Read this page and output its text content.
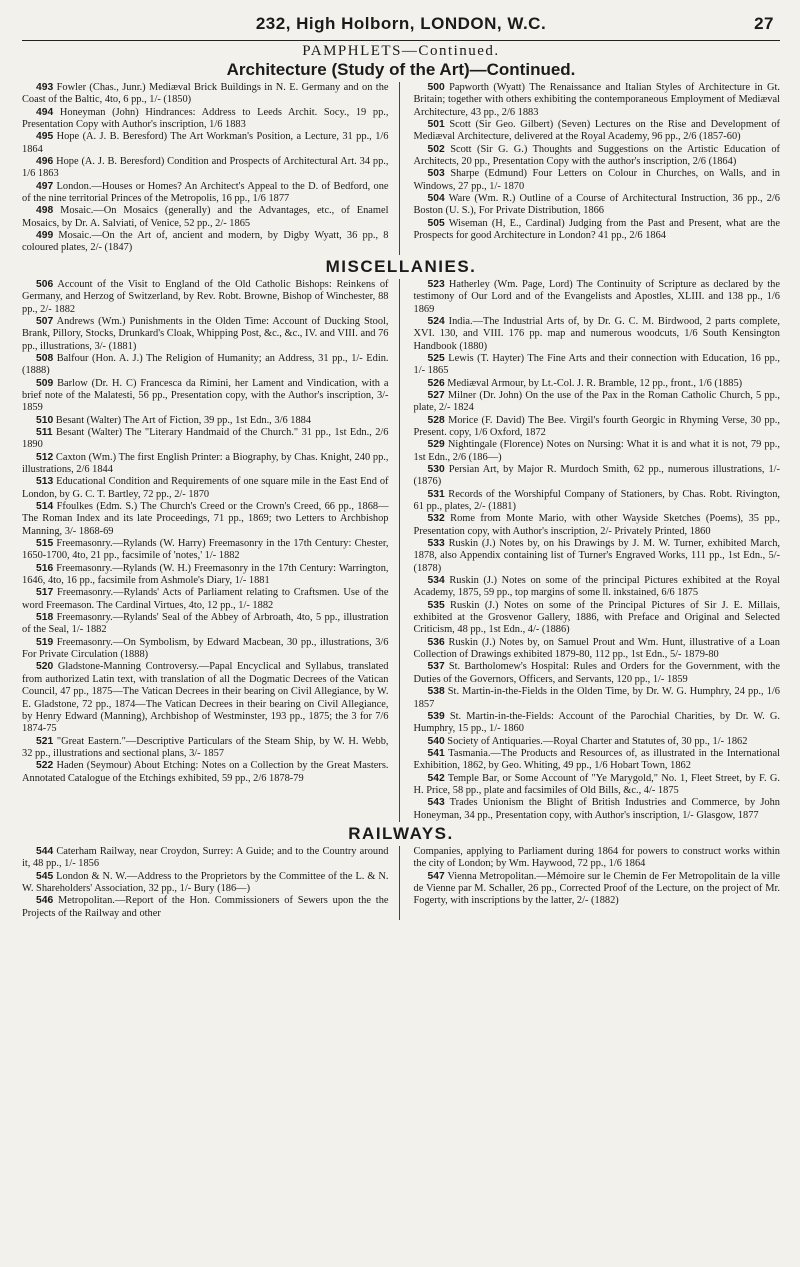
232, High Holborn, LONDON, W.C.	27
PAMPHLETS—Continued.
Architecture (Study of the Art)—Continued.

493 Fowler (Chas., Junr.) Mediæval Brick Buildings in N. E. Germany and on the Coast of the Baltic, 4to, 6 pp., 1/- (1850)

494 Honeyman (John) Hindrances: Address to Leeds Archit. Socy., 19 pp., Presentation Copy with Author's inscription, 1/6 1883

495 Hope (A. J. B. Beresford) The Art Workman's Position, a Lecture, 31 pp., 1/6 1864

496 Hope (A. J. B. Beresford) Condition and Prospects of Architectural Art. 34 pp., 1/6 1863

497 London.—Houses or Homes? An Architect's Appeal to the D. of Bedford, one of the nine territorial Princes of the Metropolis, 16 pp., 1/6 1877

498 Mosaic.—On Mosaics (generally) and the Advantages, etc., of Enamel Mosaics, by Dr. A. Salviati, of Venice, 52 pp., 2/- 1865

499 Mosaic.—On the Art of, ancient and modern, by Digby Wyatt, 36 pp., 8 coloured plates, 2/- (1847)

500 Papworth (Wyatt) The Renaissance and Italian Styles of Architecture in Gt. Britain; together with others exhibiting the contemporaneous Employment of Mediæval Architecture, 43 pp., 2/6 1883

501 Scott (Sir Geo. Gilbert) (Seven) Lectures on the Rise and Development of Mediæval Architecture, delivered at the Royal Academy, 96 pp., 2/6 (1857-60)

502 Scott (Sir G. G.) Thoughts and Suggestions on the Artistic Education of Architects, 20 pp., Presentation Copy with the author's inscription, 2/6 (1864)

503 Sharpe (Edmund) Four Letters on Colour in Churches, on Walls, and in Windows, 27 pp., 1/- 1870

504 Ware (Wm. R.) Outline of a Course of Architectural Instruction, 36 pp., 2/6 Boston (U. S.), For Private Distribution, 1866

505 Wiseman (H, E., Cardinal) Judging from the Past and Present, what are the Prospects for good Architecture in London? 41 pp., 2/6 1864

MISCELLANIES.

506 Account of the Visit to England of the Old Catholic Bishops: Reinkens of Germany, and Herzog of Switzerland, by Rev. Robt. Browne, Bishop of Winchester, 88 pp., 2/- 1882

507 Andrews (Wm.) Punishments in the Olden Time: Account of Ducking Stool, Brank, Pillory, Stocks, Drunkard's Cloak, Whipping Post, &c., &c., IV. and VIII. and 76 pp., illustrations, 3/- (1881)

508 Balfour (Hon. A. J.) The Religion of Humanity; an Address, 31 pp., 1/- Edin. (1888)

509 Barlow (Dr. H. C) Francesca da Rimini, her Lament and Vindication, with a brief note of the Malatesti, 56 pp., Presentation copy, with the Author's inscription, 3/- 1859

510 Besant (Walter) The Art of Fiction, 39 pp., 1st Edn., 3/6 1884

511 Besant (Walter) The "Literary Handmaid of the Church." 31 pp., 1st Edn., 2/6 1890

512 Caxton (Wm.) The first English Printer: a Biography, by Chas. Knight, 240 pp., illustrations, 2/6 1844

513 Educational Condition and Requirements of one square mile in the East End of London, by G. C. T. Bartley, 72 pp., 2/- 1870

514 Ffoulkes (Edm. S.) The Church's Creed or the Crown's Creed, 66 pp., 1868—The Roman Index and its late Proceedings, 71 pp., 1869; two Letters to Archbishop Manning, 3/- 1868-69

515 Freemasonry.—Rylands (W. Harry) Freemasonry in the 17th Century: Chester, 1650-1700, 4to, 21 pp., facsimile of 'notes,' 1/- 1882

516 Freemasonry.—Rylands (W. H.) Freemasonry in the 17th Century: Warrington, 1646, 4to, 16 pp., facsimile from Ashmole's Diary, 1/- 1881

517 Freemasonry.—Rylands' Acts of Parliament relating to Craftsmen. Use of the word Freemason. The Cardinal Virtues, 4to, 12 pp., 1/- 1882

518 Freemasonry.—Rylands' Seal of the Abbey of Arbroath, 4to, 5 pp., illustration of the Seal, 1/- 1882

519 Freemasonry.—On Symbolism, by Edward Macbean, 30 pp., illustrations, 3/6 For Private Circulation (1888)

520 Gladstone-Manning Controversy.—Papal Encyclical and Syllabus, translated from authorized Latin text, with translation of all the Dogmatic Decrees of the Vatican Council, 47 pp., 1875—The Vatican Decrees in their bearing on Civil Allegiance, by W. E. Gladstone, 72 pp., 1874—The Vatican Decrees in their bearing on Civil Allegiance, by Henry Edward (Manning), Archbishop of Westminster, 193 pp., 1875; the 3 for 7/6 1874-75

521 "Great Eastern."—Descriptive Particulars of the Steam Ship, by W. H. Webb, 32 pp., illustrations and sectional plans, 3/- 1857

522 Haden (Seymour) About Etching: Notes on a Collection by the Great Masters. Annotated Catalogue of the Etchings exhibited, 59 pp., 2/6 1878-79

523 Hatherley (Wm. Page, Lord) The Continuity of Scripture as declared by the testimony of Our Lord and of the Evangelists and Apostles, XLIII. and 138 pp., 1/6 1869

524 India.—The Industrial Arts of, by Dr. G. C. M. Birdwood, 2 parts complete, XVI. 130, and VIII. 176 pp. map and numerous woodcuts, 1/6 South Kensington Handbook (1880)

525 Lewis (T. Hayter) The Fine Arts and their connection with Education, 16 pp., 1/- 1865

526 Mediæval Armour, by Lt.-Col. J. R. Bramble, 12 pp., front., 1/6 (1885)

527 Milner (Dr. John) On the use of the Pax in the Roman Catholic Church, 5 pp., plate, 2/- 1824

528 Morice (F. David) The Bee. Virgil's fourth Georgic in Rhyming Verse, 30 pp., Present. copy, 1/6 Oxford, 1872

529 Nightingale (Florence) Notes on Nursing: What it is and what it is not, 79 pp., 1st Edn., 2/6 (186—)

530 Persian Art, by Major R. Murdoch Smith, 62 pp., numerous illustrations, 1/- (1876)

531 Records of the Worshipful Company of Stationers, by Chas. Robt. Rivington, 61 pp., plates, 2/- (1881)

532 Rome from Monte Mario, with other Wayside Sketches (Poems), 35 pp., Presentation copy, with Author's inscription, 2/- Privately Printed, 1860

533 Ruskin (J.) Notes by, on his Drawings by J. M. W. Turner, exhibited March, 1878, also Appendix containing list of Turner's Engraved Works, 111 pp., 1st Edn., 5/- (1878)

534 Ruskin (J.) Notes on some of the principal Pictures exhibited at the Royal Academy, 1875, 59 pp., top margins of some ll. inkstained, 6/6 1875

535 Ruskin (J.) Notes on some of the Principal Pictures of Sir J. E. Millais, exhibited at the Grosvenor Gallery, 1886, with Preface and Original and Selected Criticism, 48 pp., 1st Edn., 4/- (1886)

536 Ruskin (J.) Notes by, on Samuel Prout and Wm. Hunt, illustrative of a Loan Collection of Drawings exhibited 1879-80, 112 pp., 1st Edn., 5/- 1879-80

537 St. Bartholomew's Hospital: Rules and Orders for the Government, with the Duties of the Governors, Officers, and Servants, 120 pp., 1/- 1859

538 St. Martin-in-the-Fields in the Olden Time, by Dr. W. G. Humphry, 24 pp., 1/6 1857

539 St. Martin-in-the-Fields: Account of the Parochial Charities, by Dr. W. G. Humphry, 15 pp., 1/- 1860

540 Society of Antiquaries.—Royal Charter and Statutes of, 30 pp., 1/- 1862

541 Tasmania.—The Products and Resources of, as illustrated in the International Exhibition, 1862, by Geo. Whiting, 49 pp., 1/6 Hobart Town, 1862

542 Temple Bar, or Some Account of "Ye Marygold," No. 1, Fleet Street, by F. G. H. Price, 58 pp., plate and facsimiles of Old Bills, &c., 4/- 1875

543 Trades Unionism the Blight of British Industries and Commerce, by John Honeyman, 34 pp., Presentation copy, with Author's inscription, 1/- Glasgow, 1877

RAILWAYS.

544 Caterham Railway, near Croydon, Surrey: A Guide; and to the Country around it, 48 pp., 1/- 1856

545 London & N. W.—Address to the Proprietors by the Committee of the L. & N. W. Shareholders' Association, 32 pp., 1/- Bury (186—)

546 Metropolitan.—Report of the Hon. Commissioners of Sewers upon the the Projects of the Railway and other

Companies, applying to Parliament during 1864 for powers to construct works within the city of London; by Wm. Haywood, 72 pp., 1/6 1864

547 Vienna Metropolitan.—Mémoire sur le Chemin de Fer Metropolitain de la ville de Vienne par M. Schaller, 26 pp., Corrected Proof of the Lecture, on the project of Mr. Fogerty, with inscriptions by the latter, 2/- (1882)
